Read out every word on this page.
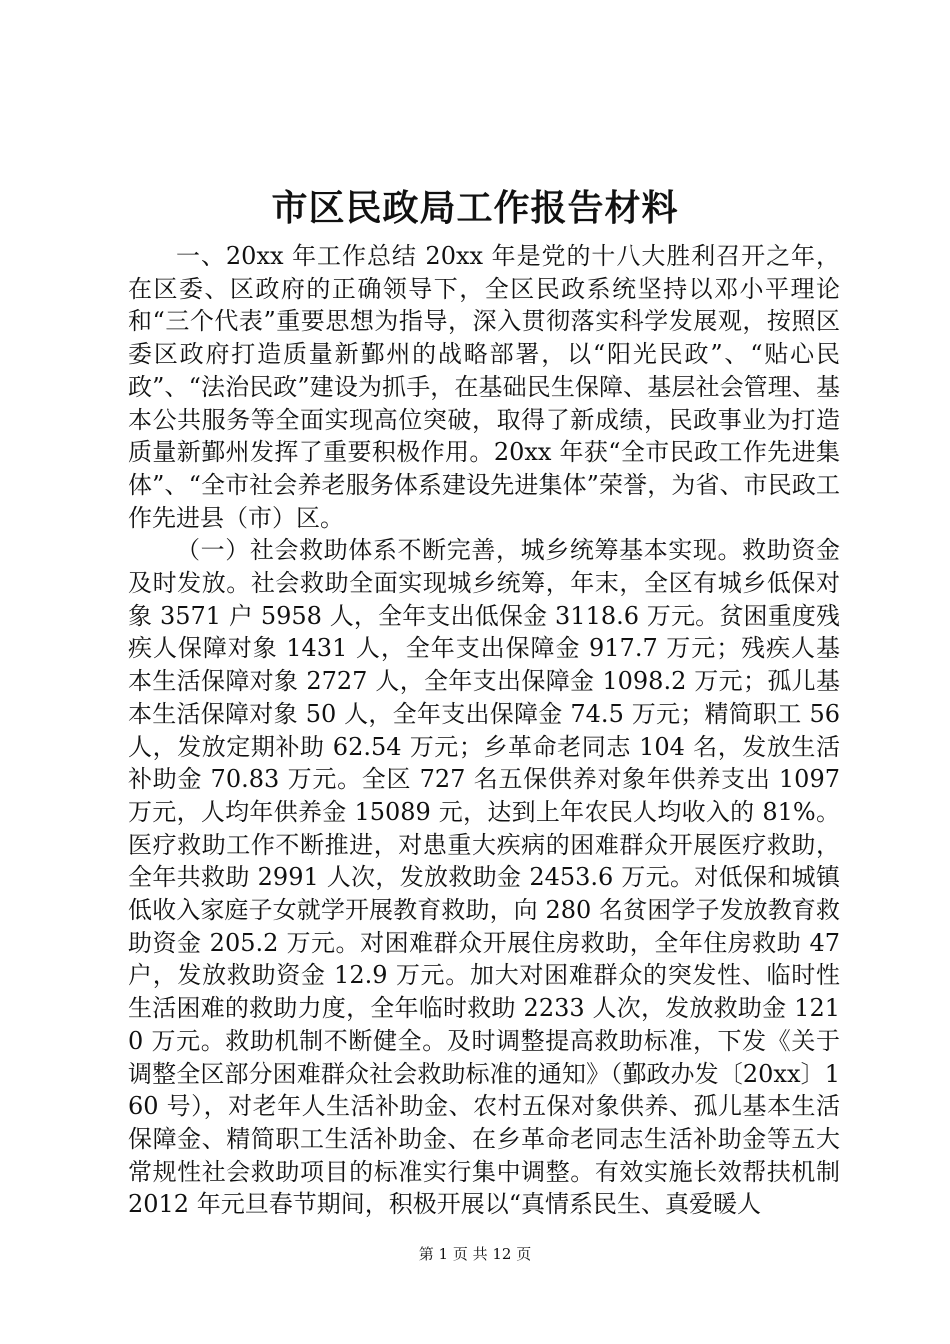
市区民政局工作报告材料

一、20xx 年工作总结 20xx 年是党的十八大胜利召开之年，在区委、区政府的正确领导下，全区民政系统坚持以邓小平理论和“三个代表”重要思想为指导，深入贯彻落实科学发展观，按照区委区政府打造质量新鄞州的战略部署，以“阳光民政”、“贴心民政”、“法治民政”建设为抓手，在基础民生保障、基层社会管理、基本公共服务等全面实现高位突破，取得了新成绩，民政事业为打造质量新鄞州发挥了重要积极作用。20xx 年获“全市民政工作先进集体”、“全市社会养老服务体系建设先进集体”荣誉，为省、市民政工作先进县（市）区。

（一）社会救助体系不断完善，城乡统筹基本实现。救助资金及时发放。社会救助全面实现城乡统筹，年末，全区有城乡低保对象 3571 户 5958 人，全年支出低保金 3118.6 万元。贫困重度残疾人保障对象 1431 人，全年支出保障金 917.7 万元；残疾人基本生活保障对象 2727 人，全年支出保障金 1098.2 万元；孤儿基本生活保障对象 50 人，全年支出保障金 74.5 万元；精简职工 56 人，发放定期补助 62.54 万元；乡革命老同志 104 名，发放生活补助金 70.83 万元。全区 727 名五保供养对象年供养支出 1097 万元，人均年供养金 15089 元，达到上年农民人均收入的 81%。医疗救助工作不断推进，对患重大疾病的困难群众开展医疗救助，全年共救助 2991 人次，发放救助金 2453.6 万元。对低保和城镇低收入家庭子女就学开展教育救助，向 280 名贫困学子发放教育救助资金 205.2 万元。对困难群众开展住房救助，全年住房救助 47 户，发放救助资金 12.9 万元。加大对困难群众的突发性、临时性生活困难的救助力度，全年临时救助 2233 人次，发放救助金 1210 万元。救助机制不断健全。及时调整提高救助标准，下发《关于调整全区部分困难群众社会救助标准的通知》（鄞政办发〔20xx〕160 号），对老年人生活补助金、农村五保对象供养、孤儿基本生活保障金、精简职工生活补助金、在乡革命老同志生活补助金等五大常规性社会救助项目的标准实行集中调整。有效实施长效帮扶机制 2012 年元旦春节期间，积极开展以“真情系民生、真爱暖人

第 1 页 共 12 页
